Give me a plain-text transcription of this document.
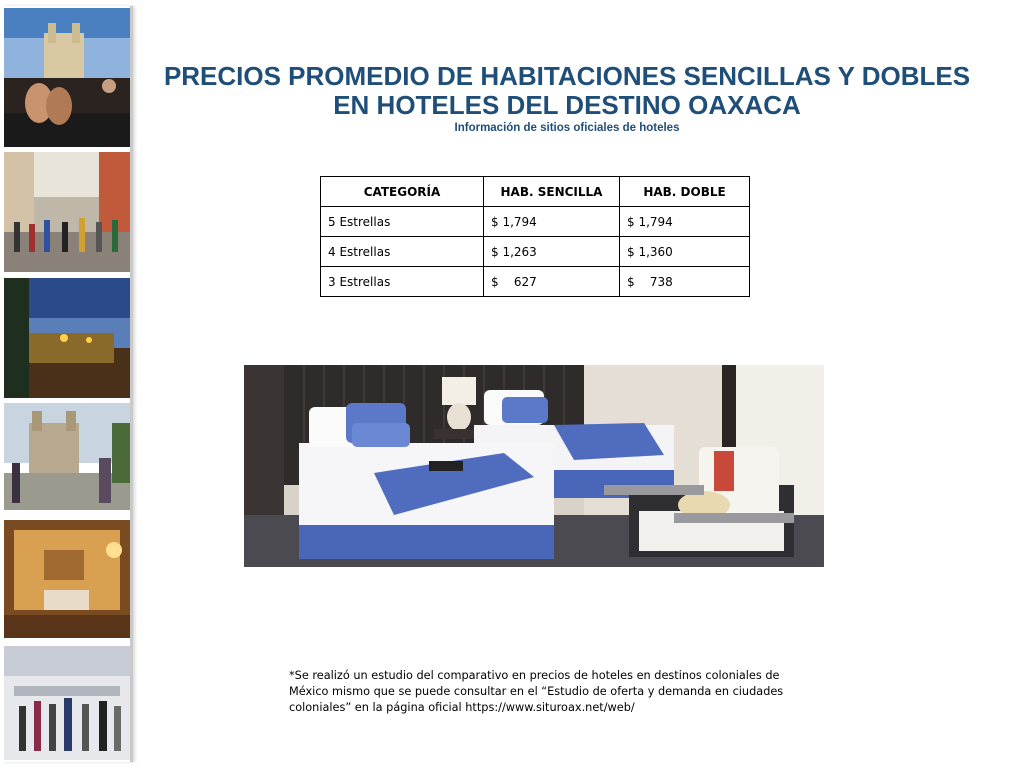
PRECIOS PROMEDIO DE HABITACIONES SENCILLAS Y DOBLES EN HOTELES DEL DESTINO OAXACA

Información de sitios oficiales de hoteles

CATEGORÍA	HAB. SENCILLA	HAB. DOBLE
5 Estrellas	$ 1,794	$ 1,794
4 Estrellas	$ 1,263	$ 1,360
3 Estrellas	$    627	$    738

*Se realizó un estudio del comparativo en precios de hoteles en destinos coloniales de México mismo que se puede consultar en el “Estudio de oferta y demanda en ciudades coloniales” en la página oficial https://www.situroax.net/web/
